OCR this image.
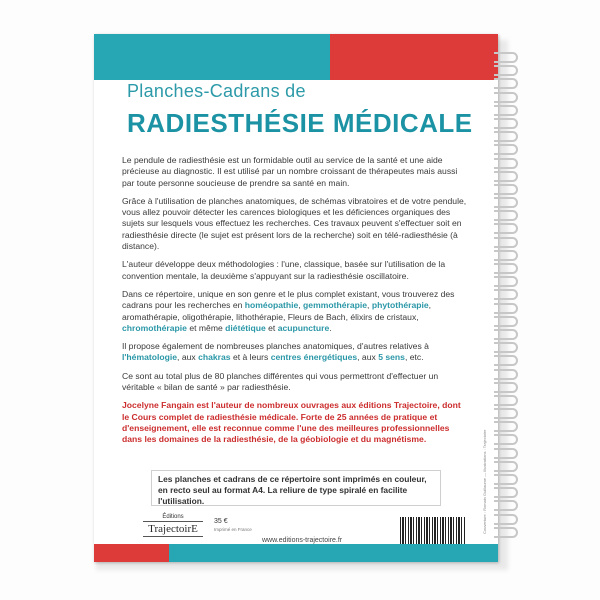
Planches-Cadrans de
RADIESTHÉSIE MÉDICALE

Le pendule de radiesthésie est un formidable outil au service de la santé et une aide précieuse au diagnostic. Il est utilisé par un nombre croissant de thérapeutes mais aussi par toute personne soucieuse de prendre sa santé en main.

Grâce à l'utilisation de planches anatomiques, de schémas vibratoires et de votre pendule, vous allez pouvoir détecter les carences biologiques et les déficiences organiques des sujets sur lesquels vous effectuez les recherches. Ces travaux peuvent s'effectuer soit en radiesthésie directe (le sujet est présent lors de la recherche) soit en télé-radiesthésie (à distance).

L'auteur développe deux méthodologies : l'une, classique, basée sur l'utilisation de la convention mentale, la deuxième s'appuyant sur la radiesthésie oscillatoire.

Dans ce répertoire, unique en son genre et le plus complet existant, vous trouverez des cadrans pour les recherches en homéopathie, gemmothérapie, phytothérapie, aromathérapie, oligothérapie, lithothérapie, Fleurs de Bach, élixirs de cristaux, chromothérapie et même diététique et acupuncture.

Il propose également de nombreuses planches anatomiques, d'autres relatives à l'hématologie, aux chakras et à leurs centres énergétiques, aux 5 sens, etc.

Ce sont au total plus de 80 planches différentes qui vous permettront d'effectuer un véritable « bilan de santé » par radiesthésie.

Jocelyne Fangain est l'auteur de nombreux ouvrages aux éditions Trajectoire, dont le Cours complet de radiesthésie médicale. Forte de 25 années de pratique et d'enseignement, elle est reconnue comme l'une des meilleures professionnelles dans les domaines de la radiesthésie, de la géobiologie et du magnétisme.

Les planches et cadrans de ce répertoire sont imprimés en couleur, en recto seul au format A4. La reliure de type spiralé en facilite l'utilisation.
Éditions
TrajectoirE
35 €
Imprimé en France
www.editions-trajectoire.fr
Couverture : Romain Guillaume — Illustrations : Trajectoire
